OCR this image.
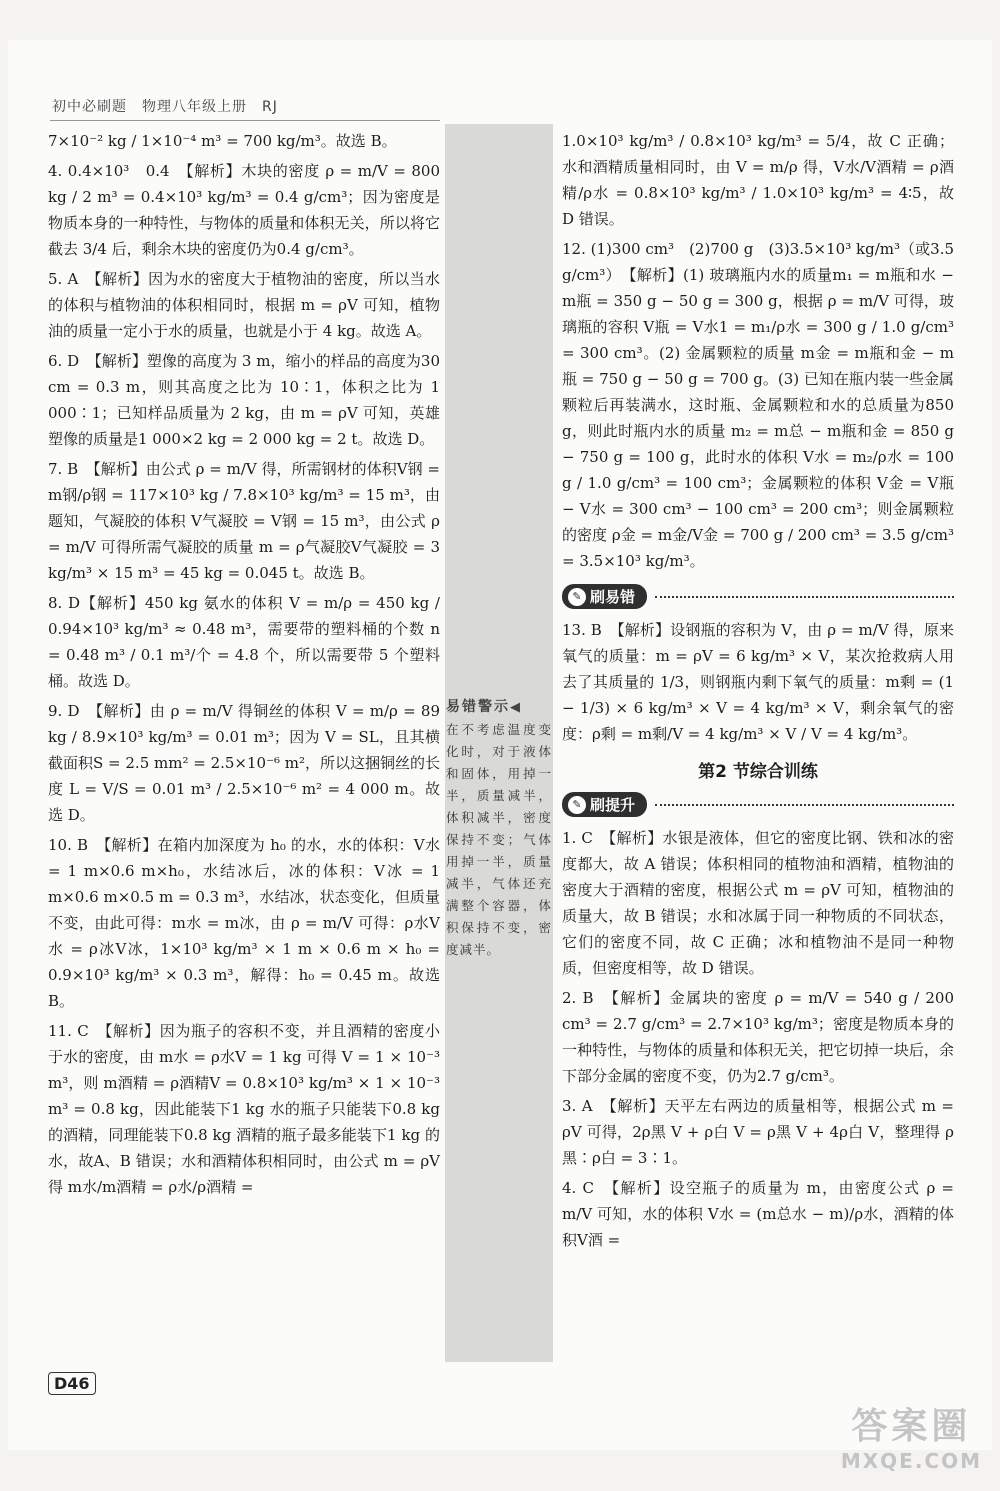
初中必刷题　物理八年级上册　RJ
易错警示◀
在不考虑温度变化时，对于液体和固体，用掉一半，质量减半，体积减半，密度保持不变；气体用掉一半，质量减半，气体还充满整个容器，体积保持不变，密度减半。

7×10⁻² kg / 1×10⁻⁴ m³ = 700 kg/m³。故选 B。

4. 0.4×10³　0.4　【解析】木块的密度 ρ = m/V = 800 kg / 2 m³ = 0.4×10³ kg/m³ = 0.4 g/cm³；因为密度是物质本身的一种特性，与物体的质量和体积无关，所以将它截去 3/4 后，剩余木块的密度仍为0.4 g/cm³。

5. A　【解析】因为水的密度大于植物油的密度，所以当水的体积与植物油的体积相同时，根据 m = ρV 可知，植物油的质量一定小于水的质量，也就是小于 4 kg。故选 A。

6. D　【解析】塑像的高度为 3 m，缩小的样品的高度为30 cm = 0.3 m，则其高度之比为 10∶1，体积之比为 1 000∶1；已知样品质量为 2 kg，由 m = ρV 可知，英雄塑像的质量是1 000×2 kg = 2 000 kg = 2 t。故选 D。

7. B　【解析】由公式 ρ = m/V 得，所需钢材的体积V钢 = m钢/ρ钢 = 117×10³ kg / 7.8×10³ kg/m³ = 15 m³，由题知，气凝胶的体积 V气凝胶 = V钢 = 15 m³，由公式 ρ = m/V 可得所需气凝胶的质量 m = ρ气凝胶V气凝胶 = 3 kg/m³ × 15 m³ = 45 kg = 0.045 t。故选 B。

8. D【解析】450 kg 氨水的体积 V = m/ρ = 450 kg / 0.94×10³ kg/m³ ≈ 0.48 m³，需要带的塑料桶的个数 n = 0.48 m³ / 0.1 m³/个 = 4.8 个，所以需要带 5 个塑料桶。故选 D。

9. D　【解析】由 ρ = m/V 得铜丝的体积 V = m/ρ = 89 kg / 8.9×10³ kg/m³ = 0.01 m³；因为 V = SL，且其横截面积S = 2.5 mm² = 2.5×10⁻⁶ m²，所以这捆铜丝的长度 L = V/S = 0.01 m³ / 2.5×10⁻⁶ m² = 4 000 m。故选 D。

10. B　【解析】在箱内加深度为 h₀ 的水，水的体积：V水 = 1 m×0.6 m×h₀，水结冰后，冰的体积：V冰 = 1 m×0.6 m×0.5 m = 0.3 m³，水结冰，状态变化，但质量不变，由此可得：m水 = m冰，由 ρ = m/V 可得：ρ水V水 = ρ冰V冰，1×10³ kg/m³ × 1 m × 0.6 m × h₀ = 0.9×10³ kg/m³ × 0.3 m³，解得：h₀ = 0.45 m。故选 B。

11. C　【解析】因为瓶子的容积不变，并且酒精的密度小于水的密度，由 m水 = ρ水V = 1 kg 可得 V = 1 × 10⁻³ m³，则 m酒精 = ρ酒精V = 0.8×10³ kg/m³ × 1 × 10⁻³ m³ = 0.8 kg，因此能装下1 kg 水的瓶子只能装下0.8 kg 的酒精，同理能装下0.8 kg 酒精的瓶子最多能装下1 kg 的水，故A、B 错误；水和酒精体积相同时，由公式 m = ρV 得 m水/m酒精 = ρ水/ρ酒精 =

1.0×10³ kg/m³ / 0.8×10³ kg/m³ = 5/4，故 C 正确；水和酒精质量相同时，由 V = m/ρ 得，V水/V酒精 = ρ酒精/ρ水 = 0.8×10³ kg/m³ / 1.0×10³ kg/m³ = 4∶5，故 D 错误。

12. (1)300 cm³　(2)700 g　(3)3.5×10³ kg/m³（或3.5 g/cm³）　【解析】(1) 玻璃瓶内水的质量m₁ = m瓶和水 − m瓶 = 350 g − 50 g = 300 g，根据 ρ = m/V 可得，玻璃瓶的容积 V瓶 = V水1 = m₁/ρ水 = 300 g / 1.0 g/cm³ = 300 cm³。(2) 金属颗粒的质量 m金 = m瓶和金 − m瓶 = 750 g − 50 g = 700 g。(3) 已知在瓶内装一些金属颗粒后再装满水，这时瓶、金属颗粒和水的总质量为850 g，则此时瓶内水的质量 m₂ = m总 − m瓶和金 = 850 g − 750 g = 100 g，此时水的体积 V水 = m₂/ρ水 = 100 g / 1.0 g/cm³ = 100 cm³；金属颗粒的体积 V金 = V瓶 − V水 = 300 cm³ − 100 cm³ = 200 cm³；则金属颗粒的密度 ρ金 = m金/V金 = 700 g / 200 cm³ = 3.5 g/cm³ = 3.5×10³ kg/m³。

✎ 刷易错

13. B　【解析】设钢瓶的容积为 V，由 ρ = m/V 得，原来氧气的质量：m = ρV = 6 kg/m³ × V，某次抢救病人用去了其质量的 1/3，则钢瓶内剩下氧气的质量：m剩 = (1 − 1/3) × 6 kg/m³ × V = 4 kg/m³ × V，剩余氧气的密度：ρ剩 = m剩/V = 4 kg/m³ × V / V = 4 kg/m³。

第2 节综合训练
✎ 刷提升

1. C　【解析】水银是液体，但它的密度比钢、铁和冰的密度都大，故 A 错误；体积相同的植物油和酒精，植物油的密度大于酒精的密度，根据公式 m = ρV 可知，植物油的质量大，故 B 错误；水和冰属于同一种物质的不同状态，它们的密度不同，故 C 正确；冰和植物油不是同一种物质，但密度相等，故 D 错误。

2. B　【解析】金属块的密度 ρ = m/V = 540 g / 200 cm³ = 2.7 g/cm³ = 2.7×10³ kg/m³；密度是物质本身的一种特性，与物体的质量和体积无关，把它切掉一块后，余下部分金属的密度不变，仍为2.7 g/cm³。

3. A　【解析】天平左右两边的质量相等，根据公式 m = ρV 可得，2ρ黑 V + ρ白 V = ρ黑 V + 4ρ白 V，整理得 ρ黑∶ρ白 = 3∶1。

4. C　【解析】设空瓶子的质量为 m，由密度公式 ρ = m/V 可知，水的体积 V水 = (m总水 − m)/ρ水，酒精的体积V酒 =

D46
答案圈
MXQE.COM
